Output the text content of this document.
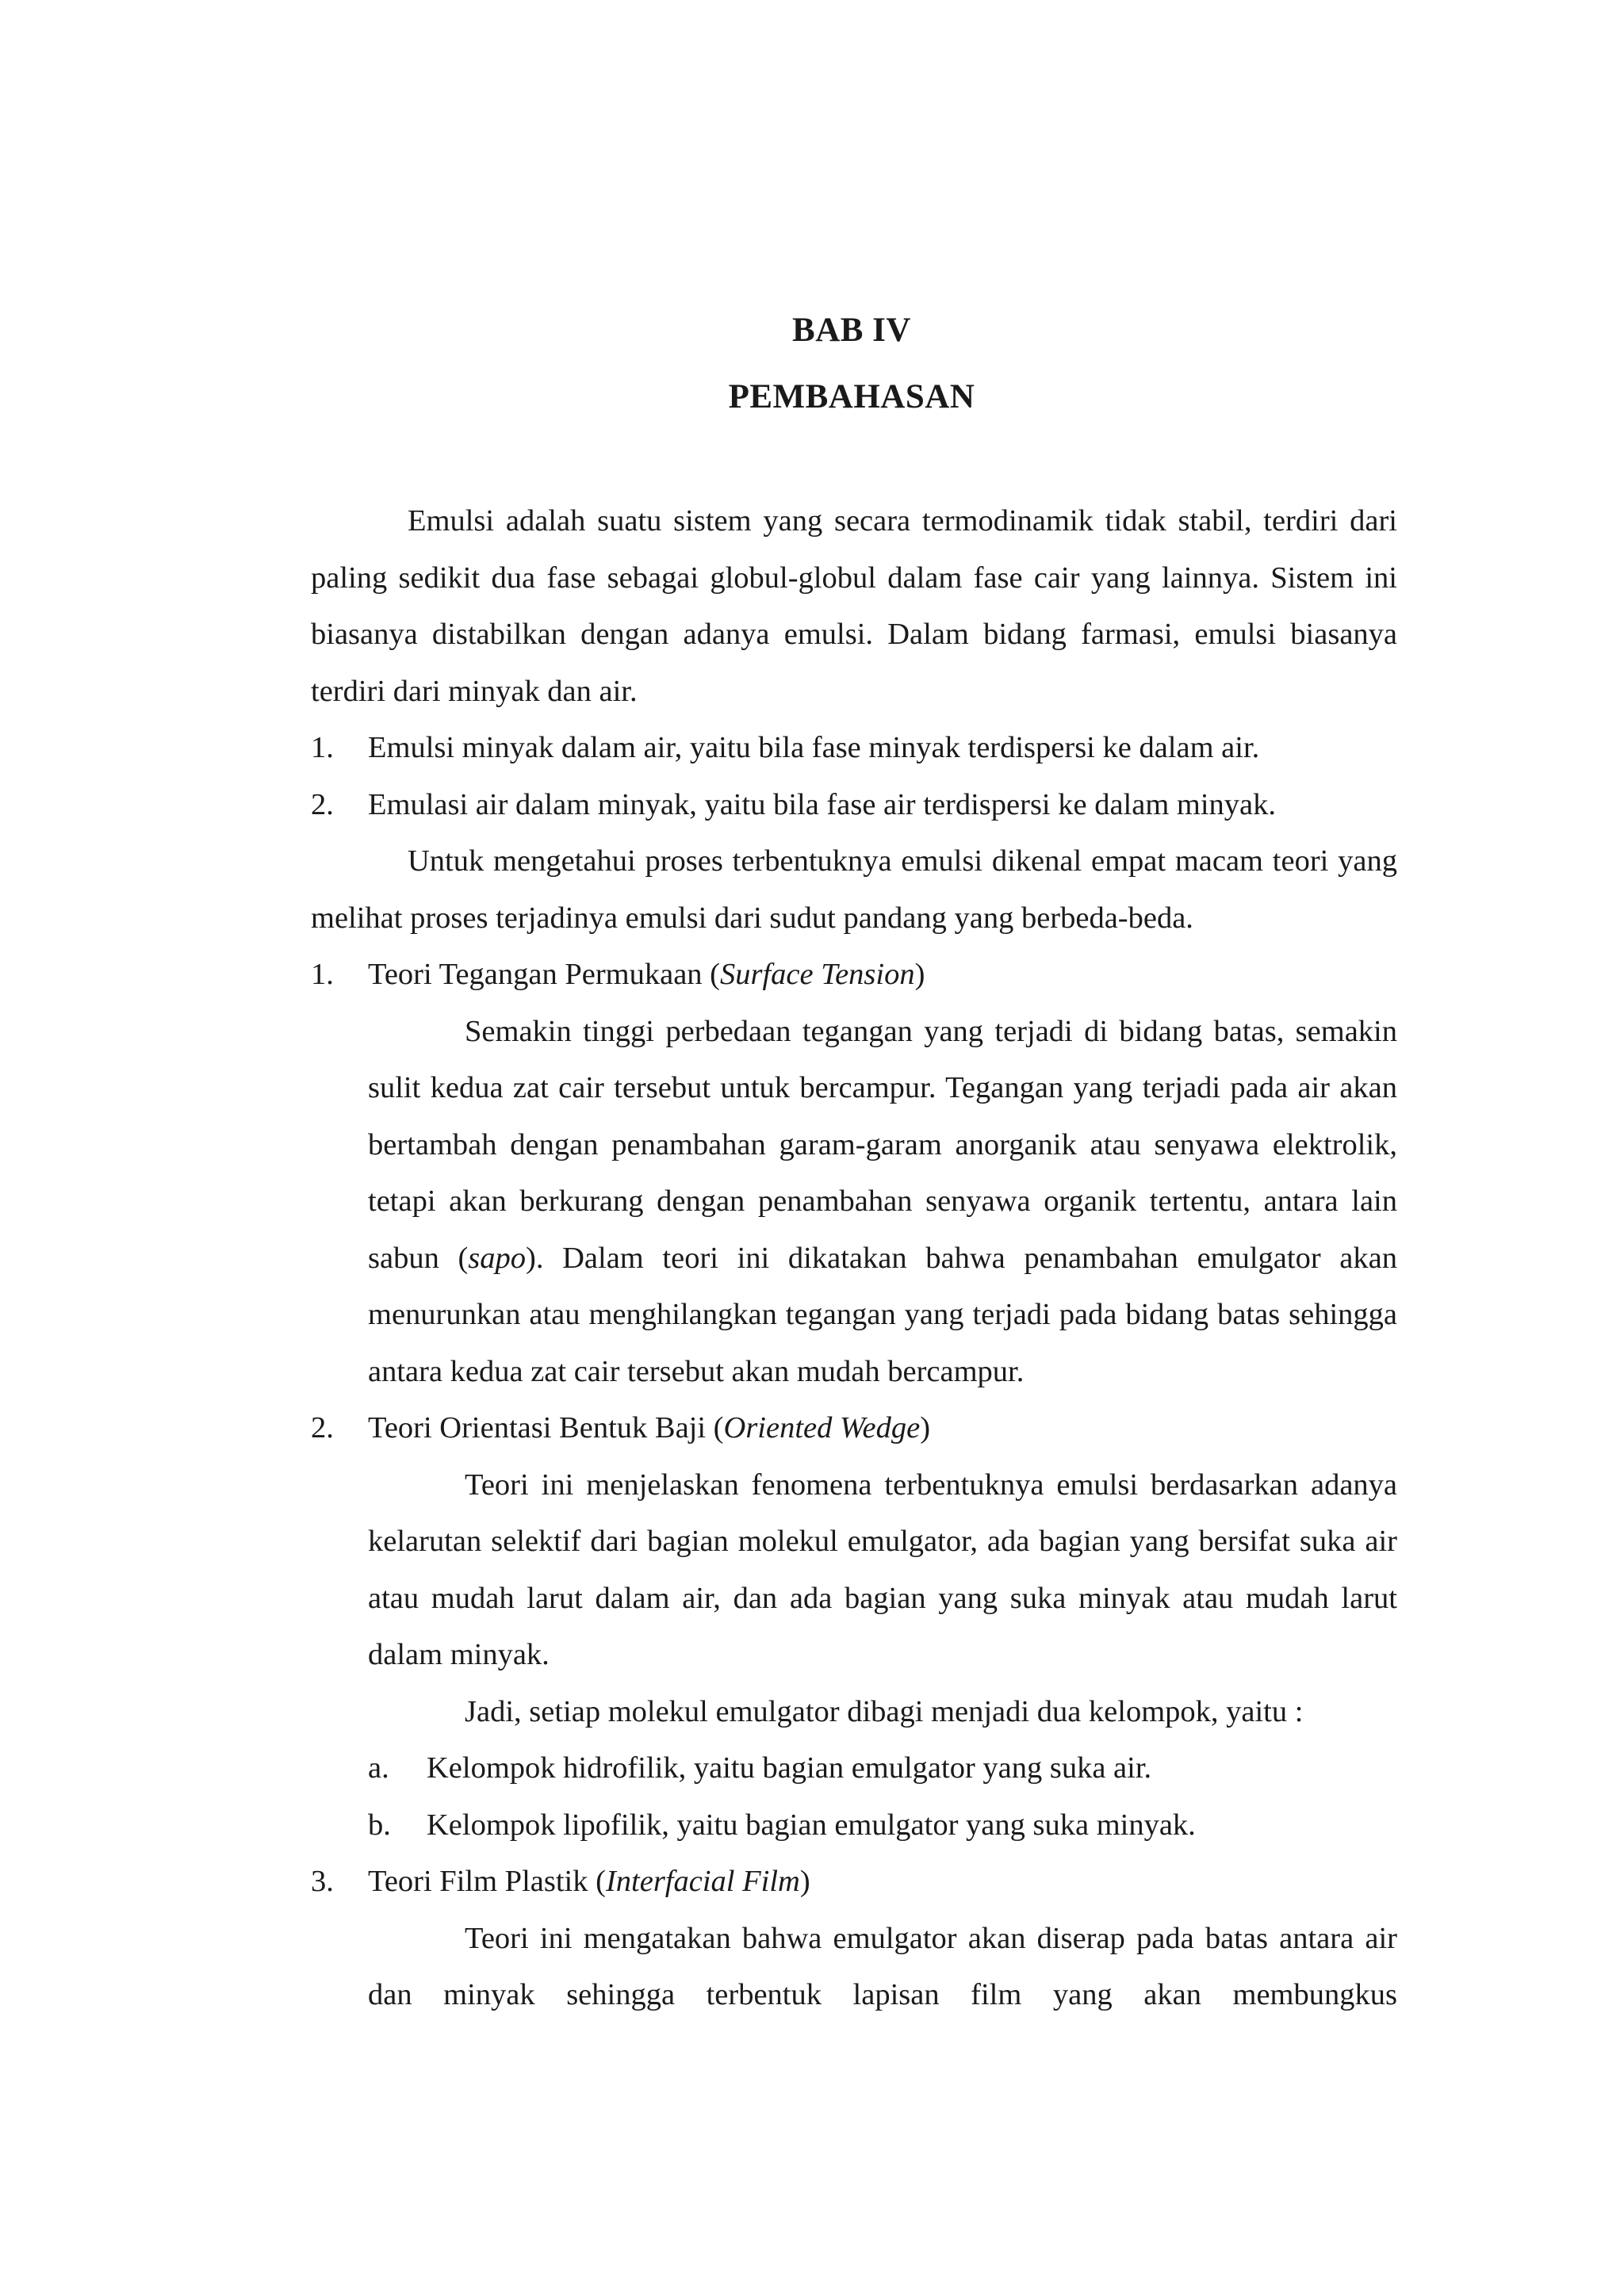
BAB IV
PEMBAHASAN

Emulsi adalah suatu sistem yang secara termodinamik tidak stabil, terdiri dari paling sedikit dua fase sebagai globul-globul dalam fase cair yang lainnya. Sistem ini biasanya distabilkan dengan adanya emulsi. Dalam bidang farmasi, emulsi biasanya terdiri dari minyak dan air.

1. Emulsi minyak dalam air, yaitu bila fase minyak terdispersi ke dalam air.
2. Emulasi air dalam minyak, yaitu bila fase air terdispersi ke dalam minyak.

Untuk mengetahui proses terbentuknya emulsi dikenal empat macam teori yang melihat proses terjadinya emulsi dari sudut pandang yang berbeda-beda.

1. Teori Tegangan Permukaan (Surface Tension)

Semakin tinggi perbedaan tegangan yang terjadi di bidang batas, semakin sulit kedua zat cair tersebut untuk bercampur. Tegangan yang terjadi pada air akan bertambah dengan penambahan garam-garam anorganik atau senyawa elektrolik, tetapi akan berkurang dengan penambahan senyawa organik tertentu, antara lain sabun (sapo). Dalam teori ini dikatakan bahwa penambahan emulgator akan menurunkan atau menghilangkan tegangan yang terjadi pada bidang batas sehingga antara kedua zat cair tersebut akan mudah bercampur.

2. Teori Orientasi Bentuk Baji (Oriented Wedge)

Teori ini menjelaskan fenomena terbentuknya emulsi berdasarkan adanya kelarutan selektif dari bagian molekul emulgator, ada bagian yang bersifat suka air atau mudah larut dalam air, dan ada bagian yang suka minyak atau mudah larut dalam minyak.

Jadi, setiap molekul emulgator dibagi menjadi dua kelompok, yaitu :

a. Kelompok hidrofilik, yaitu bagian emulgator yang suka air.
b. Kelompok lipofilik, yaitu bagian emulgator yang suka minyak.
3. Teori Film Plastik (Interfacial Film)

Teori ini mengatakan bahwa emulgator akan diserap pada batas antara air dan minyak sehingga terbentuk lapisan film yang akan membungkus
